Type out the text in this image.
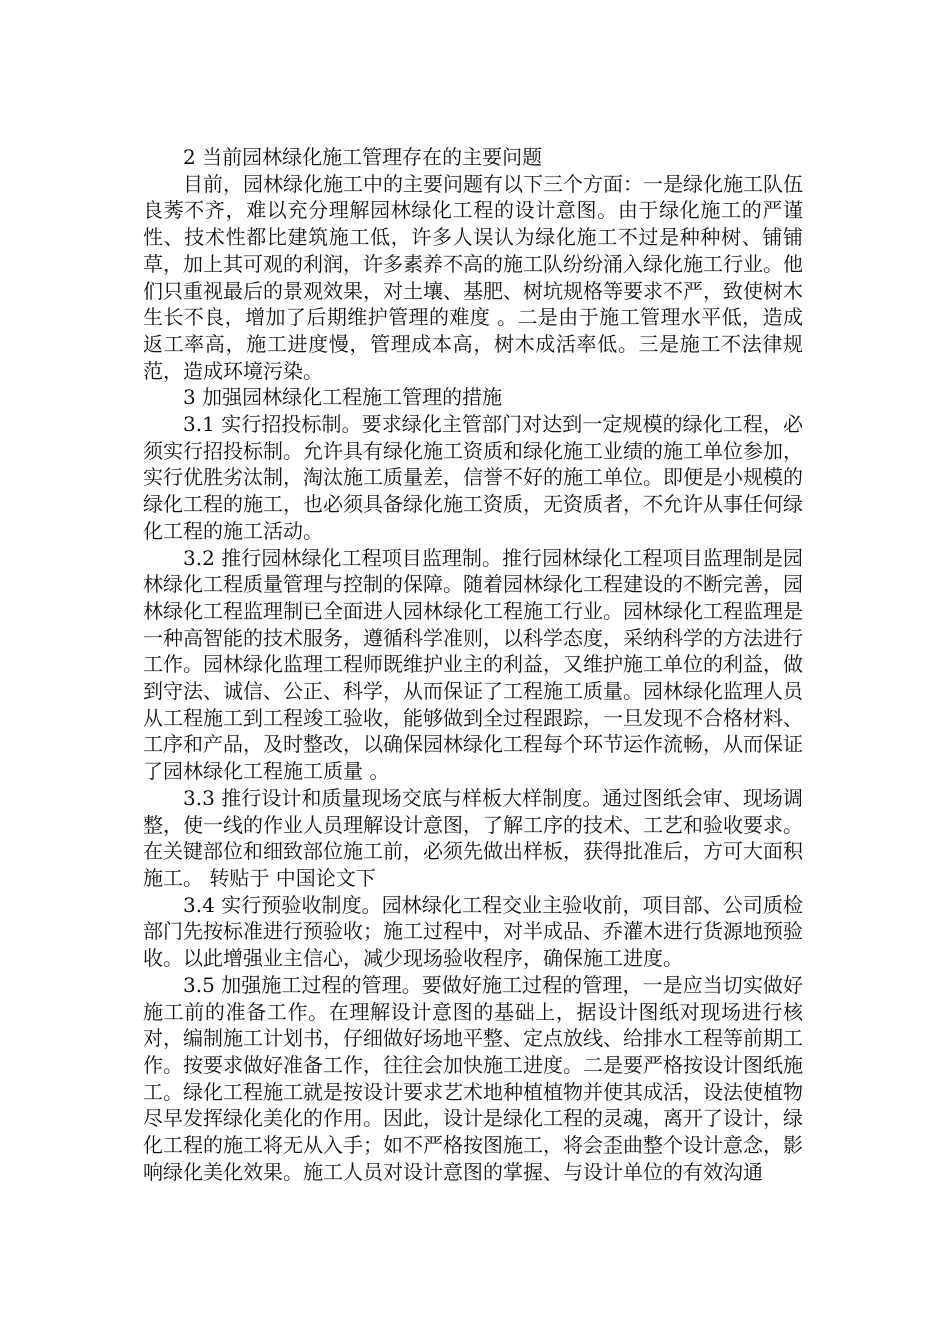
2 当前园林绿化施工管理存在的主要问题

目前，园林绿化施工中的主要问题有以下三个方面：一是绿化施工队伍良莠不齐，难以充分理解园林绿化工程的设计意图。由于绿化施工的严谨性、技术性都比建筑施工低，许多人误认为绿化施工不过是种种树、铺铺草，加上其可观的利润，许多素养不高的施工队纷纷涌入绿化施工行业。他们只重视最后的景观效果，对土壤、基肥、树坑规格等要求不严，致使树木生长不良，增加了后期维护管理的难度 。二是由于施工管理水平低，造成返工率高，施工进度慢，管理成本高，树木成活率低。三是施工不法律规范，造成环境污染。

3 加强园林绿化工程施工管理的措施

3.1 实行招投标制。要求绿化主管部门对达到一定规模的绿化工程，必须实行招投标制。允许具有绿化施工资质和绿化施工业绩的施工单位参加，实行优胜劣汰制，淘汰施工质量差，信誉不好的施工单位。即便是小规模的绿化工程的施工，也必须具备绿化施工资质，无资质者，不允许从事任何绿化工程的施工活动。

3.2 推行园林绿化工程项目监理制。推行园林绿化工程项目监理制是园林绿化工程质量管理与控制的保障。随着园林绿化工程建设的不断完善，园林绿化工程监理制已全面进人园林绿化工程施工行业。园林绿化工程监理是一种高智能的技术服务，遵循科学准则，以科学态度，采纳科学的方法进行工作。园林绿化监理工程师既维护业主的利益，又维护施工单位的利益，做到守法、诚信、公正、科学，从而保证了工程施工质量。园林绿化监理人员从工程施工到工程竣工验收，能够做到全过程跟踪，一旦发现不合格材料、工序和产品，及时整改，以确保园林绿化工程每个环节运作流畅，从而保证了园林绿化工程施工质量 。

3.3 推行设计和质量现场交底与样板大样制度。通过图纸会审、现场调整，使一线的作业人员理解设计意图，了解工序的技术、工艺和验收要求。在关键部位和细致部位施工前，必须先做出样板，获得批准后，方可大面积施工。 转贴于 中国论文下

3.4 实行预验收制度。园林绿化工程交业主验收前，项目部、公司质检部门先按标准进行预验收；施工过程中，对半成品、乔灌木进行货源地预验收。以此增强业主信心，减少现场验收程序，确保施工进度。

3.5 加强施工过程的管理。要做好施工过程的管理，一是应当切实做好施工前的准备工作。在理解设计意图的基础上，据设计图纸对现场进行核对，编制施工计划书，仔细做好场地平整、定点放线、给排水工程等前期工作。按要求做好准备工作，往往会加快施工进度。二是要严格按设计图纸施工。绿化工程施工就是按设计要求艺术地种植植物并使其成活，设法使植物尽早发挥绿化美化的作用。因此，设计是绿化工程的灵魂，离开了设计，绿化工程的施工将无从入手；如不严格按图施工，将会歪曲整个设计意念，影响绿化美化效果。施工人员对设计意图的掌握、与设计单位的有效沟通
